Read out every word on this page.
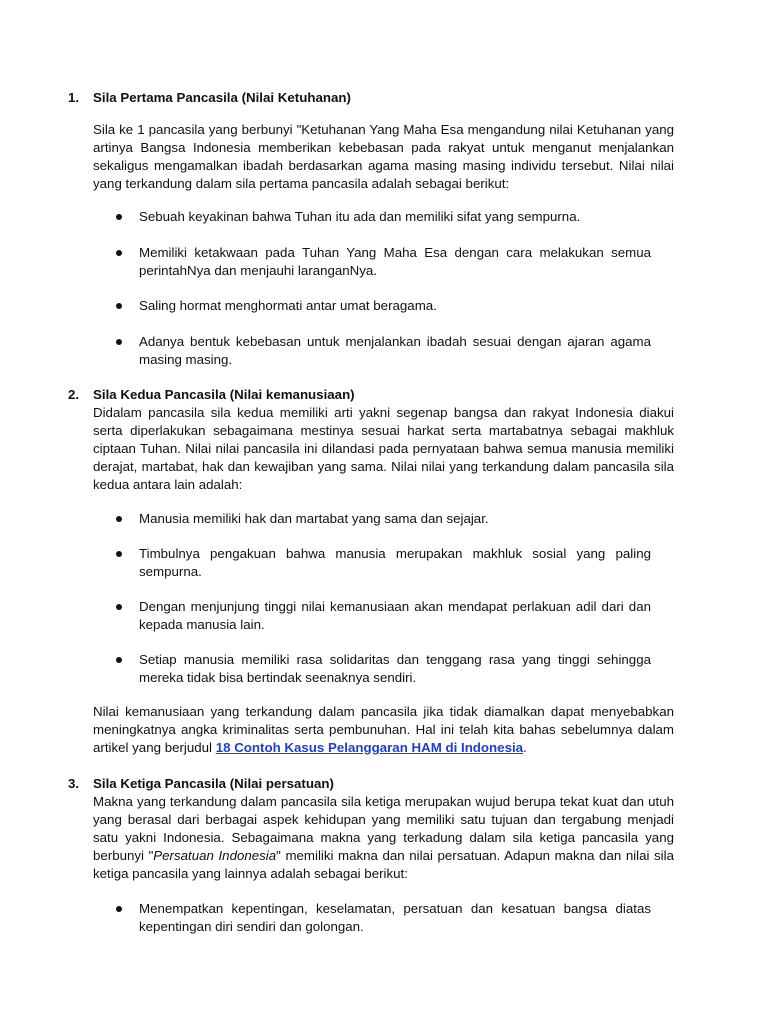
1.	Sila Pertama Pancasila (Nilai Ketuhanan)

Sila ke 1 pancasila yang berbunyi "Ketuhanan Yang Maha Esa mengandung nilai Ketuhanan yang artinya Bangsa Indonesia memberikan kebebasan pada rakyat untuk menganut menjalankan sekaligus mengamalkan ibadah berdasarkan agama masing masing individu tersebut. Nilai nilai yang terkandung dalam sila pertama pancasila adalah sebagai berikut:

Sebuah keyakinan bahwa Tuhan itu ada dan memiliki sifat yang sempurna.
Memiliki ketakwaan pada Tuhan Yang Maha Esa dengan cara melakukan semua perintahNya dan menjauhi laranganNya.
Saling hormat menghormati antar umat beragama.
Adanya bentuk kebebasan untuk menjalankan ibadah sesuai dengan ajaran agama masing masing.
2.	Sila Kedua Pancasila (Nilai kemanusiaan)

Didalam pancasila sila kedua memiliki arti yakni segenap bangsa dan rakyat Indonesia diakui serta diperlakukan sebagaimana mestinya sesuai harkat serta martabatnya sebagai makhluk ciptaan Tuhan. Nilai nilai pancasila ini dilandasi pada pernyataan bahwa semua manusia memiliki derajat, martabat, hak dan kewajiban yang sama. Nilai nilai yang terkandung dalam pancasila sila kedua antara lain adalah:

Manusia memiliki hak dan martabat yang sama dan sejajar.
Timbulnya pengakuan bahwa manusia merupakan makhluk sosial yang paling sempurna.
Dengan menjunjung tinggi nilai kemanusiaan akan mendapat perlakuan adil dari dan kepada manusia lain.
Setiap manusia memiliki rasa solidaritas dan tenggang rasa yang tinggi sehingga mereka tidak bisa bertindak seenaknya sendiri.

Nilai kemanusiaan yang terkandung dalam pancasila jika tidak diamalkan dapat menyebabkan meningkatnya angka kriminalitas serta pembunuhan. Hal ini telah kita bahas sebelumnya dalam artikel yang berjudul 18 Contoh Kasus Pelanggaran HAM di Indonesia.

3.	Sila Ketiga Pancasila (Nilai persatuan)

Makna yang terkandung dalam pancasila sila ketiga merupakan wujud berupa tekat kuat dan utuh yang berasal dari berbagai aspek kehidupan yang memiliki satu tujuan dan tergabung menjadi satu yakni Indonesia. Sebagaimana makna yang terkadung dalam sila ketiga pancasila yang berbunyi "Persatuan Indonesia" memiliki makna dan nilai persatuan. Adapun makna dan nilai sila ketiga pancasila yang lainnya adalah sebagai berikut:

Menempatkan kepentingan, keselamatan, persatuan dan kesatuan bangsa diatas kepentingan diri sendiri dan golongan.
